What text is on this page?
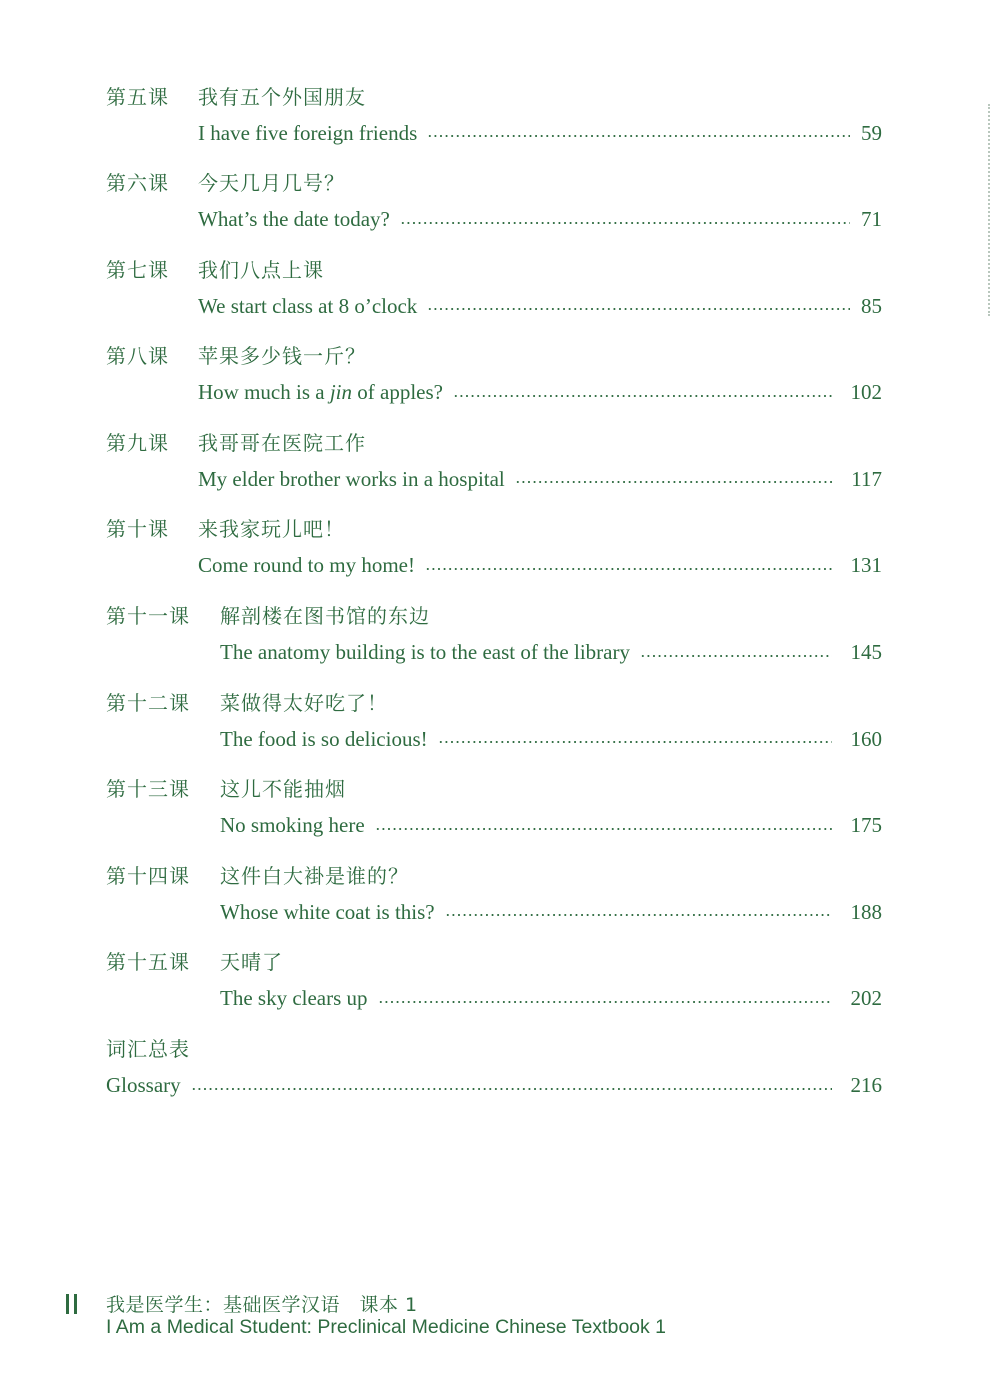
第五课	我有五个外国朋友
I have five foreign friends	59
第六课	今天几月几号？
What’s the date today?	71
第七课	我们八点上课
We start class at 8 o’clock	85
第八课	苹果多少钱一斤？
How much is a jin of apples?	102
第九课	我哥哥在医院工作
My elder brother works in a hospital	117
第十课	来我家玩儿吧！
Come round to my home!	131
第十一课	解剖楼在图书馆的东边
The anatomy building is to the east of the library	145
第十二课	菜做得太好吃了！
The food is so delicious!	160
第十三课	这儿不能抽烟
No smoking here	175
第十四课	这件白大褂是谁的？
Whose white coat is this?	188
第十五课	天晴了
The sky clears up	202
词汇总表
Glossary	216
我是医学生：基础医学汉语　课本 1
I Am a Medical Student: Preclinical Medicine Chinese Textbook 1
